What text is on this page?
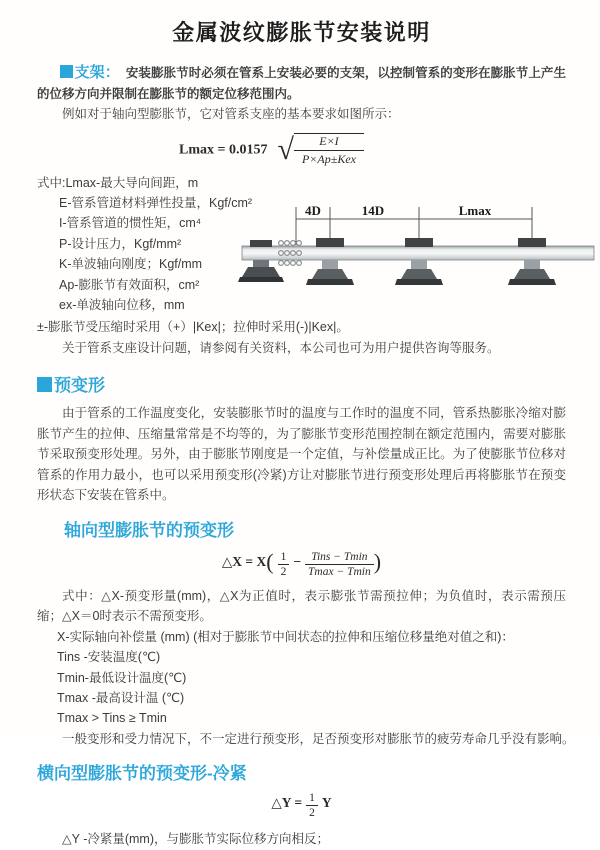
金属波纹膨胀节安装说明

支架： 安装膨胀节时必须在管系上安装必要的支架，以控制管系的变形在膨胀节上产生的位移方向并限制在膨胀节的额定位移范围内。

例如对于轴向型膨胀节，它对管系支座的基本要求如图所示：

Lmax = 0.0157 √ $\frac{E\times I}{\text{P×Ap±Kex}}$
式中:Lmax-最大导向间距，m
E-管系管道材料弹性投量，Kgf/cm²
I-管系管道的惯性矩，cm⁴
P-设计压力，Kgf/mm²
K-单波轴向刚度；Kgf/mm
Ap-膨胀节有效面积，cm²
ex-单波轴向位移，mm
4D	14D	Lmax

±-膨胀节受压缩时采用（+）|Kex|；拉伸时采用(-)|Kex|。

关于管系支座设计问题，请参阅有关资料，本公司也可为用户提供咨询等服务。

预变形

由于管系的工作温度变化，安装膨胀节时的温度与工作时的温度不同，管系热膨胀冷缩对膨胀节产生的拉伸、压缩量常常是不均等的，为了膨胀节变形范围控制在额定范围内，需要对膨胀节采取预变形处理。另外，由于膨胀节刚度是一个定值，与补偿量成正比。为了使膨胀节位移对管系的作用力最小，也可以采用预变形(冷紧)方让对膨胀节进行预变形处理后再将膨胀节在预变形状态下安装在管系中。

轴向型膨胀节的预变形
△X = $X( \frac{1}{2} - \frac{\text{Tins − Tmin}}{Tmax - Tmin}$ )

式中：△X-预变形量(mm)，△X为正值时，表示膨张节需预拉伸；为负值时，表示需预压缩；△X＝0时表示不需预变形。

X-实际轴向补偿量 (mm) (相对于膨胀节中间状态的拉伸和压缩位移量绝对值之和)：
Tins -安装温度(℃)
Tmin-最低设计温度(℃)
Tmax -最高设计温 (℃)
Tmax > Tins ≥ Tmin
一般变形和受力情况下，不一定进行预变形，足否预变形对膨胀节的疲劳寿命几乎没有影响。
横向型膨胀节的预变形-冷紧
△Y = $\frac{1}{2}$ Y

△Y -冷紧量(mm)，与膨胀节实际位移方向相反；
